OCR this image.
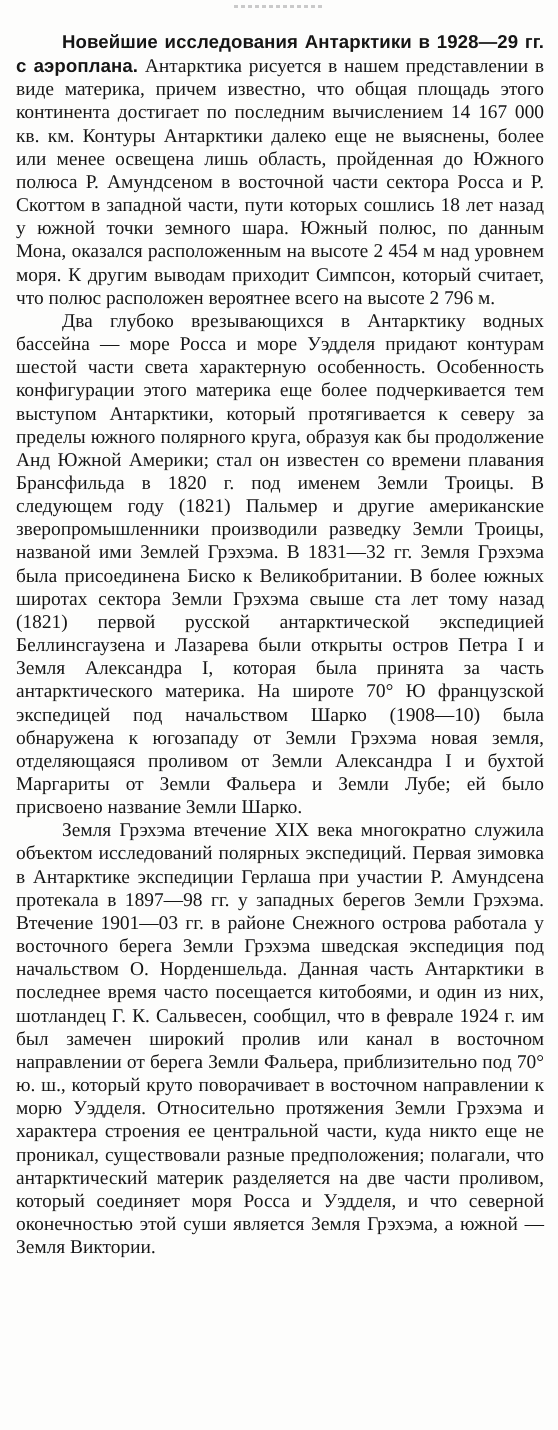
Новейшие исследования Антарктики в 1928—29 гг. с аэроплана. Антарктика рисуется в нашем представлении в виде материка, причем известно, что общая площадь этого континента достигает по последним вычислением 14 167 000 кв. км. Контуры Антарктики далеко еще не выяснены, более или менее освещена лишь область, пройденная до Южного полюса Р. Амундсеном в восточной части сектора Росса и Р. Скоттом в западной части, пути которых сошлись 18 лет назад у южной точки земного шара. Южный полюс, по данным Мона, оказался расположенным на высоте 2 454 м над уровнем моря. К другим выводам приходит Симпсон, который считает, что полюс расположен вероятнее всего на высоте 2 796 м.

Два глубоко врезывающихся в Антарктику водных бассейна — море Росса и море Уэдделя придают контурам шестой части света характерную особенность. Особенность конфигурации этого материка еще более подчеркивается тем выступом Антарктики, который протягивается к северу за пределы южного полярного круга, образуя как бы продолжение Анд Южной Америки; стал он известен со времени плавания Брансфильда в 1820 г. под именем Земли Троицы. В следующем году (1821) Пальмер и другие американские зверопромышленники производили разведку Земли Троицы, названой ими Землей Грэхэма. В 1831—32 гг. Земля Грэхэма была присоединена Биско к Великобритании. В более южных широтах сектора Земли Грэхэма свыше ста лет тому назад (1821) первой русской антарктической экспедицией Беллинсгаузена и Лазарева были открыты остров Петра I и Земля Александра I, которая была принята за часть антарктического материка. На широте 70° Ю французской экспедицей под начальством Шарко (1908—10) была обнаружена к югозападу от Земли Грэхэма новая земля, отделяющаяся проливом от Земли Александра I и бухтой Маргариты от Земли Фальера и Земли Лубе; ей было присвоено название Земли Шарко.

Земля Грэхэма втечение XIX века многократно служила объектом исследований полярных экспедиций. Первая зимовка в Антарктике экспедиции Герлаша при участии Р. Амундсена протекала в 1897—98 гг. у западных берегов Земли Грэхэма. Втечение 1901—03 гг. в районе Снежного острова работала у восточного берега Земли Грэхэма шведская экспедиция под начальством О. Норденшельда. Данная часть Антарктики в последнее время часто посещается китобоями, и один из них, шотландец Г. К. Сальвесен, сообщил, что в феврале 1924 г. им был замечен широкий пролив или канал в восточном направлении от берега Земли Фальера, приблизительно под 70° ю. ш., который круто поворачивает в восточном направлении к морю Уэдделя. Относительно протяжения Земли Грэхэма и характера строения ее центральной части, куда никто еще не проникал, существовали разные предположения; полагали, что антарктический материк разделяется на две части проливом, который соединяет моря Росса и Уэдделя, и что северной оконечностью этой суши является Земля Грэхэма, а южной — Земля Виктории.
